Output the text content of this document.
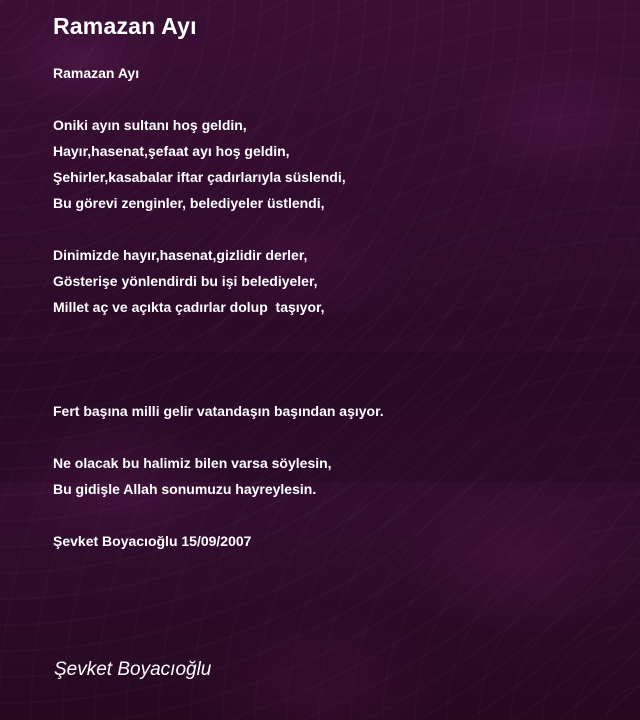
Ramazan Ayı
Ramazan Ayı
Oniki ayın sultanı hoş geldin,
Hayır,hasenat,şefaat ayı hoş geldin,
Şehirler,kasabalar iftar çadırlarıyla süslendi,
Bu görevi zenginler, belediyeler üstlendi,
Dinimizde hayır,hasenat,gizlidir derler,
Gösterişe yönlendirdi bu işi belediyeler,
Millet aç ve açıkta çadırlar dolup  taşıyor,
Fert başına milli gelir vatandaşın başından aşıyor.
Ne olacak bu halimiz bilen varsa söylesin,
Bu gidişle Allah sonumuzu hayreylesin.
Şevket Boyacıoğlu 15/09/2007
Şevket Boyacıoğlu
